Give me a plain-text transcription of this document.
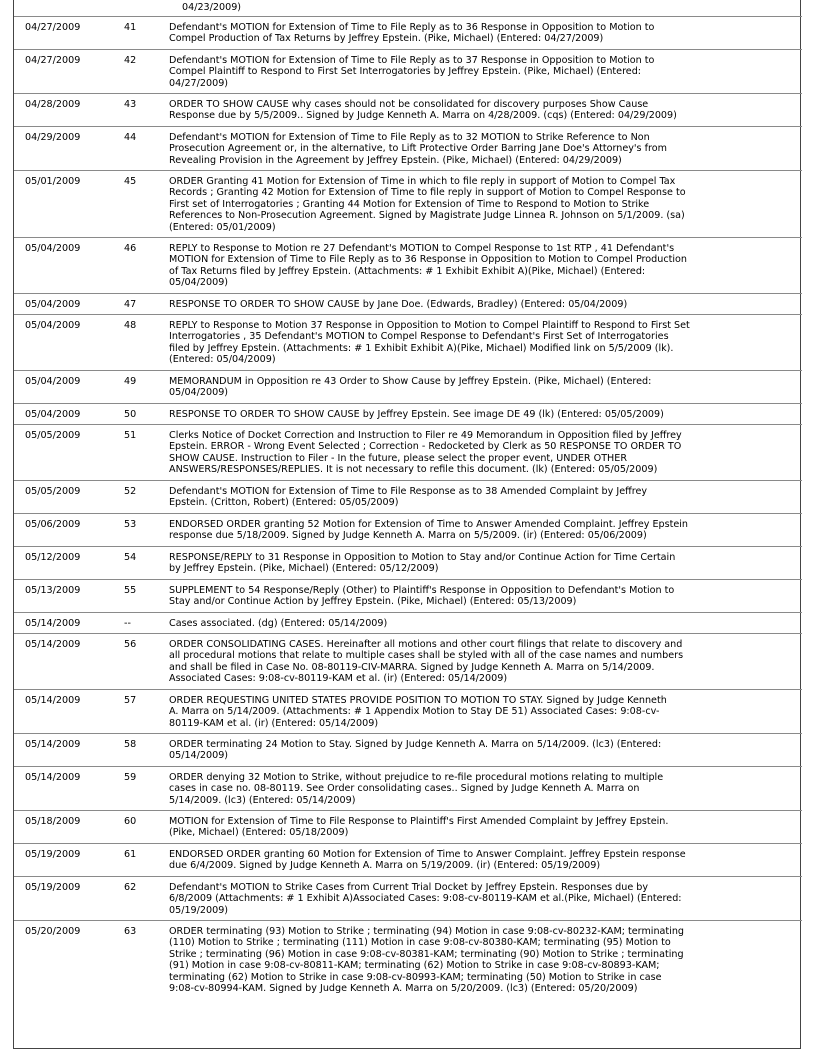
04/23/2009)
04/27/2009	41	Defendant's MOTION for Extension of Time to File Reply as to 36 Response in Opposition to Motion to
Compel Production of Tax Returns by Jeffrey Epstein. (Pike, Michael) (Entered: 04/27/2009)
04/27/2009	42	Defendant's MOTION for Extension of Time to File Reply as to 37 Response in Opposition to Motion to
Compel Plaintiff to Respond to First Set Interrogatories by Jeffrey Epstein. (Pike, Michael) (Entered:
04/27/2009)
04/28/2009	43	ORDER TO SHOW CAUSE why cases should not be consolidated for discovery purposes Show Cause
Response due by 5/5/2009.. Signed by Judge Kenneth A. Marra on 4/28/2009. (cqs) (Entered: 04/29/2009)
04/29/2009	44	Defendant's MOTION for Extension of Time to File Reply as to 32 MOTION to Strike Reference to Non
Prosecution Agreement or, in the alternative, to Lift Protective Order Barring Jane Doe's Attorney's from
Revealing Provision in the Agreement by Jeffrey Epstein. (Pike, Michael) (Entered: 04/29/2009)
05/01/2009	45	ORDER Granting 41 Motion for Extension of Time in which to file reply in support of Motion to Compel Tax
Records ; Granting 42 Motion for Extension of Time to file reply in support of Motion to Compel Response to
First set of Interrogatories ; Granting 44 Motion for Extension of Time to Respond to Motion to Strike
References to Non-Prosecution Agreement. Signed by Magistrate Judge Linnea R. Johnson on 5/1/2009. (sa)
(Entered: 05/01/2009)
05/04/2009	46	REPLY to Response to Motion re 27 Defendant's MOTION to Compel Response to 1st RTP , 41 Defendant's
MOTION for Extension of Time to File Reply as to 36 Response in Opposition to Motion to Compel Production
of Tax Returns filed by Jeffrey Epstein. (Attachments: # 1 Exhibit Exhibit A)(Pike, Michael) (Entered:
05/04/2009)
05/04/2009	47	RESPONSE TO ORDER TO SHOW CAUSE by Jane Doe. (Edwards, Bradley) (Entered: 05/04/2009)
05/04/2009	48	REPLY to Response to Motion 37 Response in Opposition to Motion to Compel Plaintiff to Respond to First Set
Interrogatories , 35 Defendant's MOTION to Compel Response to Defendant's First Set of Interrogatories
filed by Jeffrey Epstein. (Attachments: # 1 Exhibit Exhibit A)(Pike, Michael) Modified link on 5/5/2009 (lk).
(Entered: 05/04/2009)
05/04/2009	49	MEMORANDUM in Opposition re 43 Order to Show Cause by Jeffrey Epstein. (Pike, Michael) (Entered:
05/04/2009)
05/04/2009	50	RESPONSE TO ORDER TO SHOW CAUSE by Jeffrey Epstein. See image DE 49 (lk) (Entered: 05/05/2009)
05/05/2009	51	Clerks Notice of Docket Correction and Instruction to Filer re 49 Memorandum in Opposition filed by Jeffrey
Epstein. ERROR - Wrong Event Selected ; Correction - Redocketed by Clerk as 50 RESPONSE TO ORDER TO
SHOW CAUSE. Instruction to Filer - In the future, please select the proper event, UNDER OTHER
ANSWERS/RESPONSES/REPLIES. It is not necessary to refile this document. (lk) (Entered: 05/05/2009)
05/05/2009	52	Defendant's MOTION for Extension of Time to File Response as to 38 Amended Complaint by Jeffrey
Epstein. (Critton, Robert) (Entered: 05/05/2009)
05/06/2009	53	ENDORSED ORDER granting 52 Motion for Extension of Time to Answer Amended Complaint. Jeffrey Epstein
response due 5/18/2009. Signed by Judge Kenneth A. Marra on 5/5/2009. (ir) (Entered: 05/06/2009)
05/12/2009	54	RESPONSE/REPLY to 31 Response in Opposition to Motion to Stay and/or Continue Action for Time Certain
by Jeffrey Epstein. (Pike, Michael) (Entered: 05/12/2009)
05/13/2009	55	SUPPLEMENT to 54 Response/Reply (Other) to Plaintiff's Response in Opposition to Defendant's Motion to
Stay and/or Continue Action by Jeffrey Epstein. (Pike, Michael) (Entered: 05/13/2009)
05/14/2009	--	Cases associated. (dg) (Entered: 05/14/2009)
05/14/2009	56	ORDER CONSOLIDATING CASES. Hereinafter all motions and other court filings that relate to discovery and
all procedural motions that relate to multiple cases shall be styled with all of the case names and numbers
and shall be filed in Case No. 08-80119-CIV-MARRA. Signed by Judge Kenneth A. Marra on 5/14/2009.
Associated Cases: 9:08-cv-80119-KAM et al. (ir) (Entered: 05/14/2009)
05/14/2009	57	ORDER REQUESTING UNITED STATES PROVIDE POSITION TO MOTION TO STAY. Signed by Judge Kenneth
A. Marra on 5/14/2009. (Attachments: # 1 Appendix Motion to Stay DE 51) Associated Cases: 9:08-cv-
80119-KAM et al. (ir) (Entered: 05/14/2009)
05/14/2009	58	ORDER terminating 24 Motion to Stay. Signed by Judge Kenneth A. Marra on 5/14/2009. (lc3) (Entered:
05/14/2009)
05/14/2009	59	ORDER denying 32 Motion to Strike, without prejudice to re-file procedural motions relating to multiple
cases in case no. 08-80119. See Order consolidating cases.. Signed by Judge Kenneth A. Marra on
5/14/2009. (lc3) (Entered: 05/14/2009)
05/18/2009	60	MOTION for Extension of Time to File Response to Plaintiff's First Amended Complaint by Jeffrey Epstein.
(Pike, Michael) (Entered: 05/18/2009)
05/19/2009	61	ENDORSED ORDER granting 60 Motion for Extension of Time to Answer Complaint. Jeffrey Epstein response
due 6/4/2009. Signed by Judge Kenneth A. Marra on 5/19/2009. (ir) (Entered: 05/19/2009)
05/19/2009	62	Defendant's MOTION to Strike Cases from Current Trial Docket by Jeffrey Epstein. Responses due by
6/8/2009 (Attachments: # 1 Exhibit A)Associated Cases: 9:08-cv-80119-KAM et al.(Pike, Michael) (Entered:
05/19/2009)
05/20/2009	63	ORDER terminating (93) Motion to Strike ; terminating (94) Motion in case 9:08-cv-80232-KAM; terminating
(110) Motion to Strike ; terminating (111) Motion in case 9:08-cv-80380-KAM; terminating (95) Motion to
Strike ; terminating (96) Motion in case 9:08-cv-80381-KAM; terminating (90) Motion to Strike ; terminating
(91) Motion in case 9:08-cv-80811-KAM; terminating (62) Motion to Strike in case 9:08-cv-80893-KAM;
terminating (62) Motion to Strike in case 9:08-cv-80993-KAM; terminating (50) Motion to Strike in case
9:08-cv-80994-KAM. Signed by Judge Kenneth A. Marra on 5/20/2009. (lc3) (Entered: 05/20/2009)
